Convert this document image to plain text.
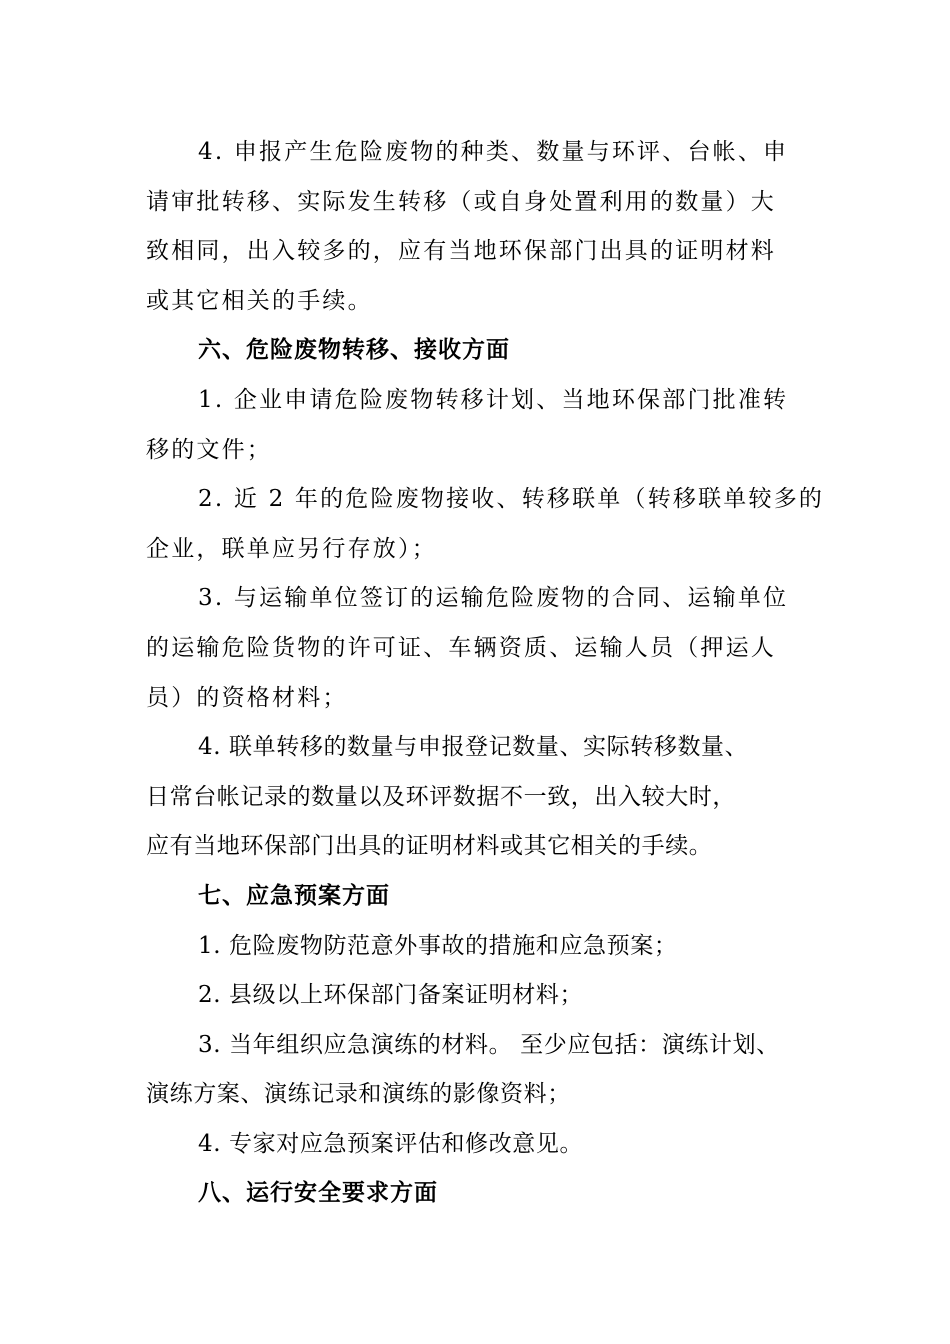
4. 申报产生危险废物的种类、数量与环评、台帐、申
请审批转移、实际发生转移（或自身处置利用的数量）大
致相同，出入较多的，应有当地环保部门出具的证明材料
或其它相关的手续。
六、危险废物转移、接收方面
1. 企业申请危险废物转移计划、当地环保部门批准转
移的文件；
2. 近 2 年的危险废物接收、转移联单（转移联单较多的
企业，联单应另行存放）；
3. 与运输单位签订的运输危险废物的合同、运输单位
的运输危险货物的许可证、车辆资质、运输人员（押运人
员）的资格材料；
4. 联单转移的数量与申报登记数量、实际转移数量、
日常台帐记录的数量以及环评数据不一致，出入较大时，
应有当地环保部门出具的证明材料或其它相关的手续。
七、应急预案方面
1. 危险废物防范意外事故的措施和应急预案；
2. 县级以上环保部门备案证明材料；
3. 当年组织应急演练的材料。 至少应包括：演练计划、
演练方案、演练记录和演练的影像资料；
4. 专家对应急预案评估和修改意见。
八、运行安全要求方面
